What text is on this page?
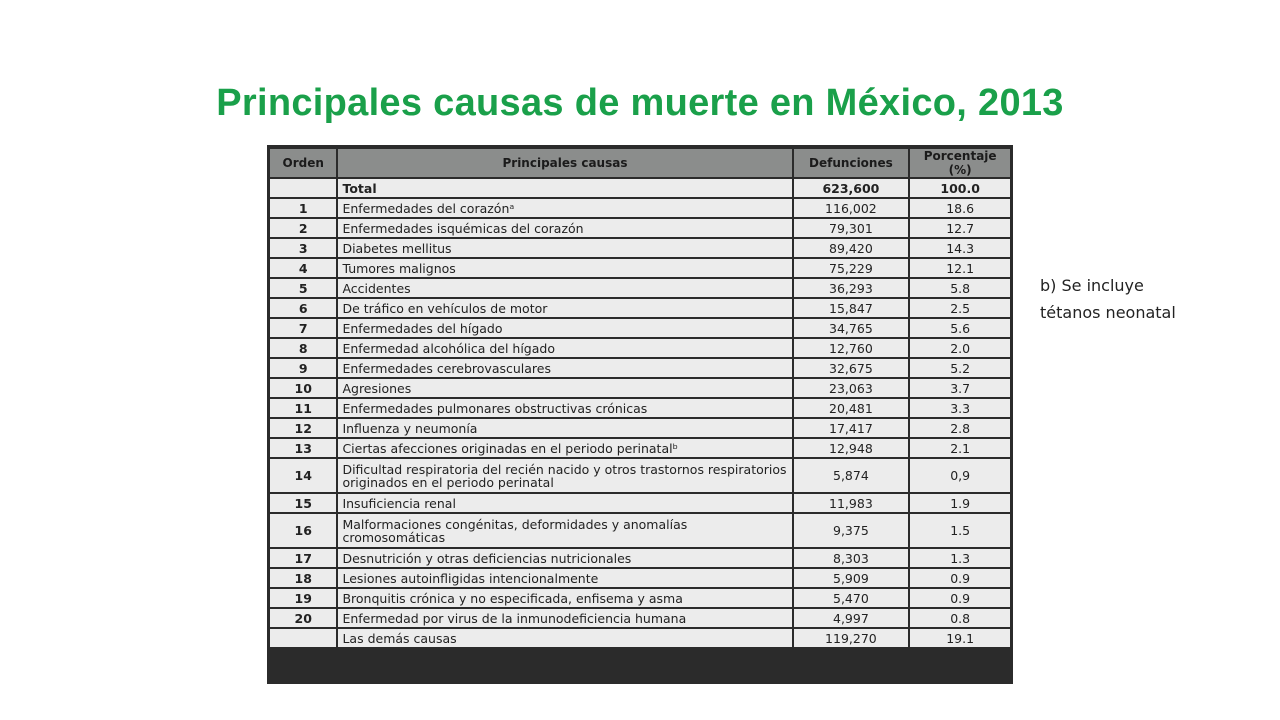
Principales causas de muerte en México, 2013
Orden	Principales causas	Defunciones	Porcentaje (%)
	Total	623,600	100.0
1	Enfermedades del corazónᵃ	116,002	18.6
2	Enfermedades isquémicas del corazón	79,301	12.7
3	Diabetes mellitus	89,420	14.3
4	Tumores malignos	75,229	12.1
5	Accidentes	36,293	5.8
6	De tráfico en vehículos de motor	15,847	2.5
7	Enfermedades del hígado	34,765	5.6
8	Enfermedad alcohólica del hígado	12,760	2.0
9	Enfermedades cerebrovasculares	32,675	5.2
10	Agresiones	23,063	3.7
11	Enfermedades pulmonares obstructivas crónicas	20,481	3.3
12	Influenza y neumonía	17,417	2.8
13	Ciertas afecciones originadas en el periodo perinatalᵇ	12,948	2.1
14	Dificultad respiratoria del recién nacido y otros trastornos respiratorios originados en el periodo perinatal	5,874	0,9
15	Insuficiencia renal	11,983	1.9
16	Malformaciones congénitas, deformidades y anomalías cromosomáticas	9,375	1.5
17	Desnutrición y otras deficiencias nutricionales	8,303	1.3
18	Lesiones autoinfligidas intencionalmente	5,909	0.9
19	Bronquitis crónica y no especificada, enfisema y asma	5,470	0.9
20	Enfermedad por virus de la inmunodeficiencia humana	4,997	0.8
	Las demás causas	119,270	19.1
b) Se incluye
tétanos neonatal
